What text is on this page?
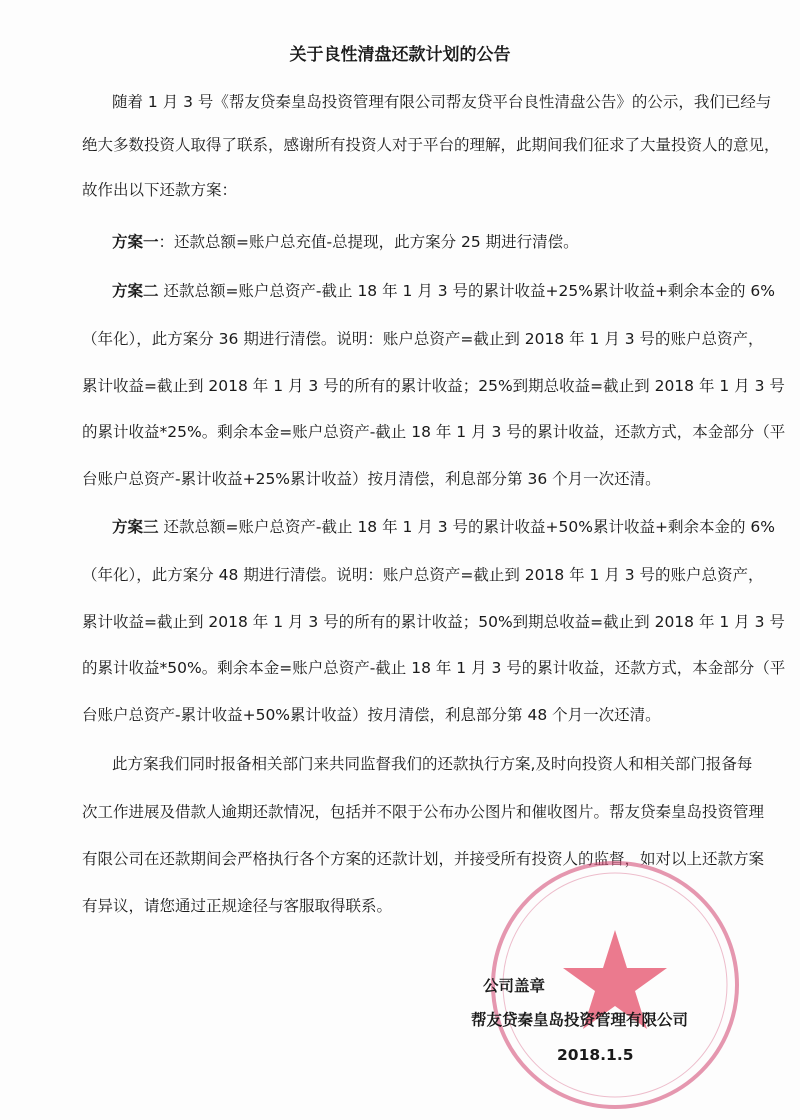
关于良性清盘还款计划的公告
随着 1 月 3 号《帮友贷秦皇岛投资管理有限公司帮友贷平台良性清盘公告》的公示，我们已经与
绝大多数投资人取得了联系，感谢所有投资人对于平台的理解，此期间我们征求了大量投资人的意见，
故作出以下还款方案：
方案一：还款总额=账户总充值-总提现，此方案分 25 期进行清偿。
方案二 还款总额=账户总资产-截止 18 年 1 月 3 号的累计收益+25%累计收益+剩余本金的 6%
（年化），此方案分 36 期进行清偿。说明：账户总资产=截止到 2018 年 1 月 3 号的账户总资产，
累计收益=截止到 2018 年 1 月 3 号的所有的累计收益；25%到期总收益=截止到 2018 年 1 月 3 号
的累计收益*25%。剩余本金=账户总资产-截止 18 年 1 月 3 号的累计收益，还款方式，本金部分（平
台账户总资产-累计收益+25%累计收益）按月清偿，利息部分第 36 个月一次还清。
方案三 还款总额=账户总资产-截止 18 年 1 月 3 号的累计收益+50%累计收益+剩余本金的 6%
（年化），此方案分 48 期进行清偿。说明：账户总资产=截止到 2018 年 1 月 3 号的账户总资产，
累计收益=截止到 2018 年 1 月 3 号的所有的累计收益；50%到期总收益=截止到 2018 年 1 月 3 号
的累计收益*50%。剩余本金=账户总资产-截止 18 年 1 月 3 号的累计收益，还款方式，本金部分（平
台账户总资产-累计收益+50%累计收益）按月清偿，利息部分第 48 个月一次还清。
此方案我们同时报备相关部门来共同监督我们的还款执行方案,及时向投资人和相关部门报备每
次工作进展及借款人逾期还款情况，包括并不限于公布办公图片和催收图片。帮友贷秦皇岛投资管理
有限公司在还款期间会严格执行各个方案的还款计划，并接受所有投资人的监督，如对以上还款方案
有异议，请您通过正规途径与客服取得联系。
公司盖章
帮友贷秦皇岛投资管理有限公司
2018.1.5
